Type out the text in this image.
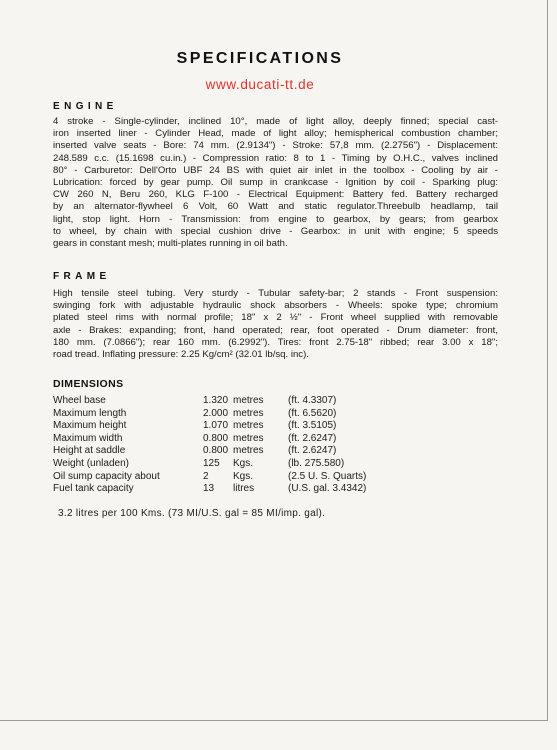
SPECIFICATIONS
www.ducati-tt.de
ENGINE
4 stroke - Single-cylinder, inclined 10°, made of light alloy, deeply finned; special cast-
iron inserted liner - Cylinder Head, made of light alloy; hemispherical combustion chamber;
inserted valve seats - Bore: 74 mm. (2.9134") - Stroke: 57,8 mm. (2.2756") - Displacement:
248.589 c.c. (15.1698 cu.in.) - Compression ratio: 8 to 1 - Timing by O.H.C., valves inclined
80° - Carburetor: Dell'Orto UBF 24 BS with quiet air inlet in the toolbox - Cooling by air -
Lubrication: forced by gear pump. Oil sump in crankcase - Ignition by coil - Sparking plug:
CW 260 N, Beru 260, KLG F-100 - Electrical Equipment: Battery fed. Battery recharged
by an alternator-flywheel 6 Volt, 60 Watt and static regulator.Threebulb headlamp, tail
light, stop light. Horn - Transmission: from engine to gearbox, by gears; from gearbox
to wheel, by chain with special cushion drive - Gearbox: in unit with engine; 5 speeds
gears in constant mesh; multi-plates running in oil bath.
FRAME
High tensile steel tubing. Very sturdy - Tubular safety-bar; 2 stands - Front suspension:
swinging fork with adjustable hydraulic shock absorbers - Wheels: spoke type; chromium
plated steel rims with normal profile; 18" x 2 ½" - Front wheel supplied with removable
axle - Brakes: expanding; front, hand operated; rear, foot operated - Drum diameter: front,
180 mm. (7.0866"); rear 160 mm. (6.2992"). Tires: front 2.75-18" ribbed; rear 3.00 x 18";
road tread. Inflating pressure: 2.25 Kg/cm² (32.01 lb/sq. inc).
DIMENSIONS
Wheel base	1.320 metres (ft. 4.3307)
Maximum length	2.000 metres (ft. 6.5620)
Maximum height	1.070 metres (ft. 3.5105)
Maximum width	0.800 metres (ft. 2.6247)
Height at saddle	0.800 metres (ft. 2.6247)
Weight (unladen)	125 Kgs.	(lb. 275.580)
Oil sump capacity about	2 Kgs.	(2.5 U. S. Quarts)
Fuel tank capacity	13 litres	(U.S. gal. 3.4342)
3.2 litres per 100 Kms. (73 MI/U.S. gal = 85 MI/imp. gal).
